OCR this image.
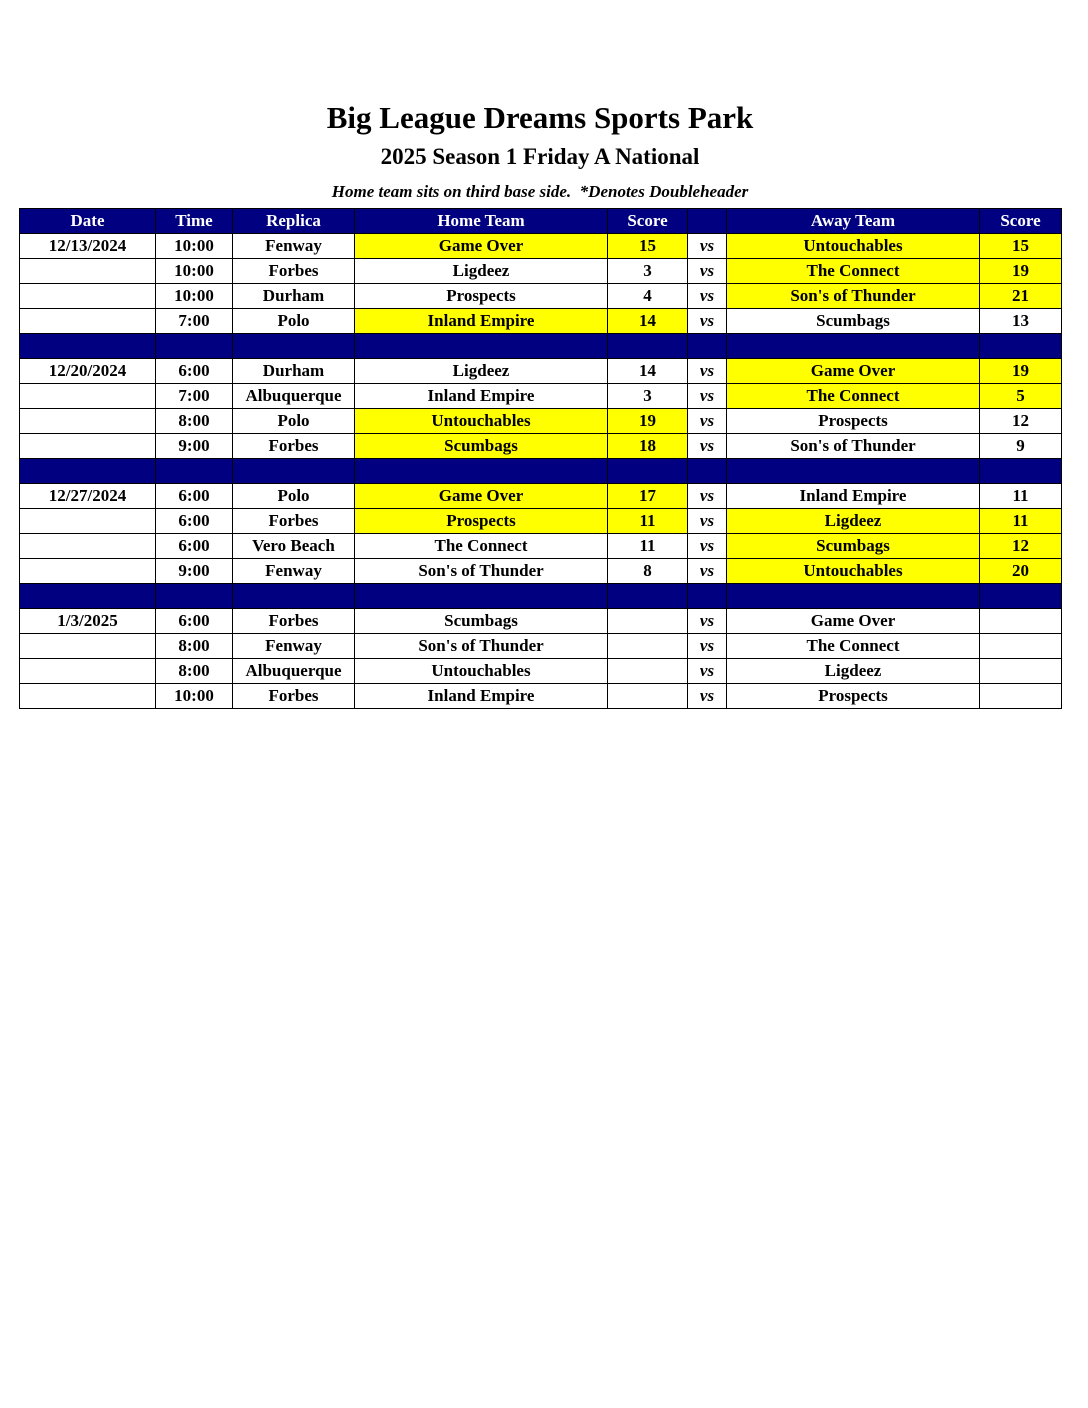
Big League Dreams Sports Park
2025 Season 1 Friday A National
Home team sits on third base side.  *Denotes Doubleheader
Date	Time	Replica	Home Team	Score		Away Team	Score
12/13/2024	10:00	Fenway	Game Over	15	vs	Untouchables	15
	10:00	Forbes	Ligdeez	3	vs	The Connect	19
	10:00	Durham	Prospects	4	vs	Son's of Thunder	21
	7:00	Polo	Inland Empire	14	vs	Scumbags	13

12/20/2024	6:00	Durham	Ligdeez	14	vs	Game Over	19
	7:00	Albuquerque	Inland Empire	3	vs	The Connect	5
	8:00	Polo	Untouchables	19	vs	Prospects	12
	9:00	Forbes	Scumbags	18	vs	Son's of Thunder	9

12/27/2024	6:00	Polo	Game Over	17	vs	Inland Empire	11
	6:00	Forbes	Prospects	11	vs	Ligdeez	11
	6:00	Vero Beach	The Connect	11	vs	Scumbags	12
	9:00	Fenway	Son's of Thunder	8	vs	Untouchables	20

1/3/2025	6:00	Forbes	Scumbags		vs	Game Over	
	8:00	Fenway	Son's of Thunder		vs	The Connect	
	8:00	Albuquerque	Untouchables		vs	Ligdeez	
	10:00	Forbes	Inland Empire		vs	Prospects	
